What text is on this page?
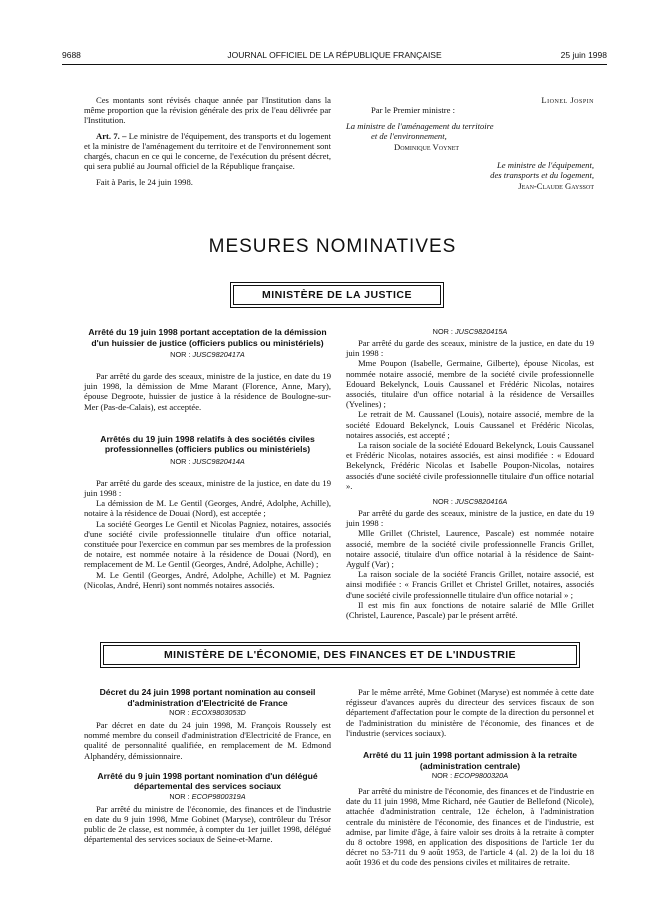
9688	JOURNAL OFFICIEL DE LA RÉPUBLIQUE FRANÇAISE	25 juin 1998

Ces montants sont révisés chaque année par l'Institution dans la même proportion que la révision générale des prix de l'eau délivrée par l'Institution.

Art. 7. – Le ministre de l'équipement, des transports et du logement et la ministre de l'aménagement du territoire et de l'environnement sont chargés, chacun en ce qui le concerne, de l'exécution du présent décret, qui sera publié au Journal officiel de la République française.

Fait à Paris, le 24 juin 1998.

Lionel Jospin

Par le Premier ministre :

La ministre de l'aménagement du territoire

et de l'environnement,

Dominique Voynet

Le ministre de l'équipement,

des transports et du logement,

Jean-Claude Gayssot

MESURES NOMINATIVES
MINISTÈRE DE LA JUSTICE

Arrêté du 19 juin 1998 portant acceptation de la démission d'un huissier de justice (officiers publics ou ministériels)

NOR : JUSC9820417A

Par arrêté du garde des sceaux, ministre de la justice, en date du 19 juin 1998, la démission de Mme Marant (Florence, Anne, Mary), épouse Degroote, huissier de justice à la résidence de Boulogne-sur-Mer (Pas-de-Calais), est acceptée.

Arrêtés du 19 juin 1998 relatifs à des sociétés civiles professionnelles (officiers publics ou ministériels)

NOR : JUSC9820414A

Par arrêté du garde des sceaux, ministre de la justice, en date du 19 juin 1998 :

La démission de M. Le Gentil (Georges, André, Adolphe, Achille), notaire à la résidence de Douai (Nord), est acceptée ;

La société Georges Le Gentil et Nicolas Pagniez, notaires, associés d'une société civile professionnelle titulaire d'un office notarial, constituée pour l'exercice en commun par ses membres de la profession de notaire, est nommée notaire à la résidence de Douai (Nord), en remplacement de M. Le Gentil (Georges, André, Adolphe, Achille) ;

M. Le Gentil (Georges, André, Adolphe, Achille) et M. Pagniez (Nicolas, André, Henri) sont nommés notaires associés.

NOR : JUSC9820415A

Par arrêté du garde des sceaux, ministre de la justice, en date du 19 juin 1998 :

Mme Poupon (Isabelle, Germaine, Gilberte), épouse Nicolas, est nommée notaire associé, membre de la société civile professionnelle Edouard Bekelynck, Louis Caussanel et Frédéric Nicolas, notaires associés, titulaire d'un office notarial à la résidence de Versailles (Yvelines) ;

Le retrait de M. Caussanel (Louis), notaire associé, membre de la société Edouard Bekelynck, Louis Caussanel et Frédéric Nicolas, notaires associés, est accepté ;

La raison sociale de la société Edouard Bekelynck, Louis Caussanel et Frédéric Nicolas, notaires associés, est ainsi modifiée : « Edouard Bekelynck, Frédéric Nicolas et Isabelle Poupon-Nicolas, notaires associés d'une société civile professionnelle titulaire d'un office notarial ».

NOR : JUSC9820416A

Par arrêté du garde des sceaux, ministre de la justice, en date du 19 juin 1998 :

Mlle Grillet (Christel, Laurence, Pascale) est nommée notaire associé, membre de la société civile professionnelle Francis Grillet, notaire associé, titulaire d'un office notarial à la résidence de Saint-Aygulf (Var) ;

La raison sociale de la société Francis Grillet, notaire associé, est ainsi modifiée : « Francis Grillet et Christel Grillet, notaires, associés d'une société civile professionnelle titulaire d'un office notarial » ;

Il est mis fin aux fonctions de notaire salarié de Mlle Grillet (Christel, Laurence, Pascale) par le présent arrêté.

MINISTÈRE DE L'ÉCONOMIE, DES FINANCES ET DE L'INDUSTRIE

Décret du 24 juin 1998 portant nomination au conseil d'administration d'Electricité de France

NOR : ECOX9803053D

Par décret en date du 24 juin 1998, M. François Roussely est nommé membre du conseil d'administration d'Electricité de France, en qualité de personnalité qualifiée, en remplacement de M. Edmond Alphandéry, démissionnaire.

Arrêté du 9 juin 1998 portant nomination d'un délégué départemental des services sociaux

NOR : ECOP9800319A

Par arrêté du ministre de l'économie, des finances et de l'industrie en date du 9 juin 1998, Mme Gobinet (Maryse), contrôleur du Trésor public de 2e classe, est nommée, à compter du 1er juillet 1998, délégué départemental des services sociaux de Seine-et-Marne.

Par le même arrêté, Mme Gobinet (Maryse) est nommée à cette date régisseur d'avances auprès du directeur des services fiscaux de son département d'affectation pour le compte de la direction du personnel et de l'administration du ministère de l'économie, des finances et de l'industrie (services sociaux).

Arrêté du 11 juin 1998 portant admission à la retraite (administration centrale)

NOR : ECOP9800320A

Par arrêté du ministre de l'économie, des finances et de l'industrie en date du 11 juin 1998, Mme Richard, née Gautier de Bellefond (Nicole), attachée d'administration centrale, 12e échelon, à l'administration centrale du ministère de l'économie, des finances et de l'industrie, est admise, par limite d'âge, à faire valoir ses droits à la retraite à compter du 8 octobre 1998, en application des dispositions de l'article 1er du décret no 53-711 du 9 août 1953, de l'article 4 (al. 2) de la loi du 18 août 1936 et du code des pensions civiles et militaires de retraite.
